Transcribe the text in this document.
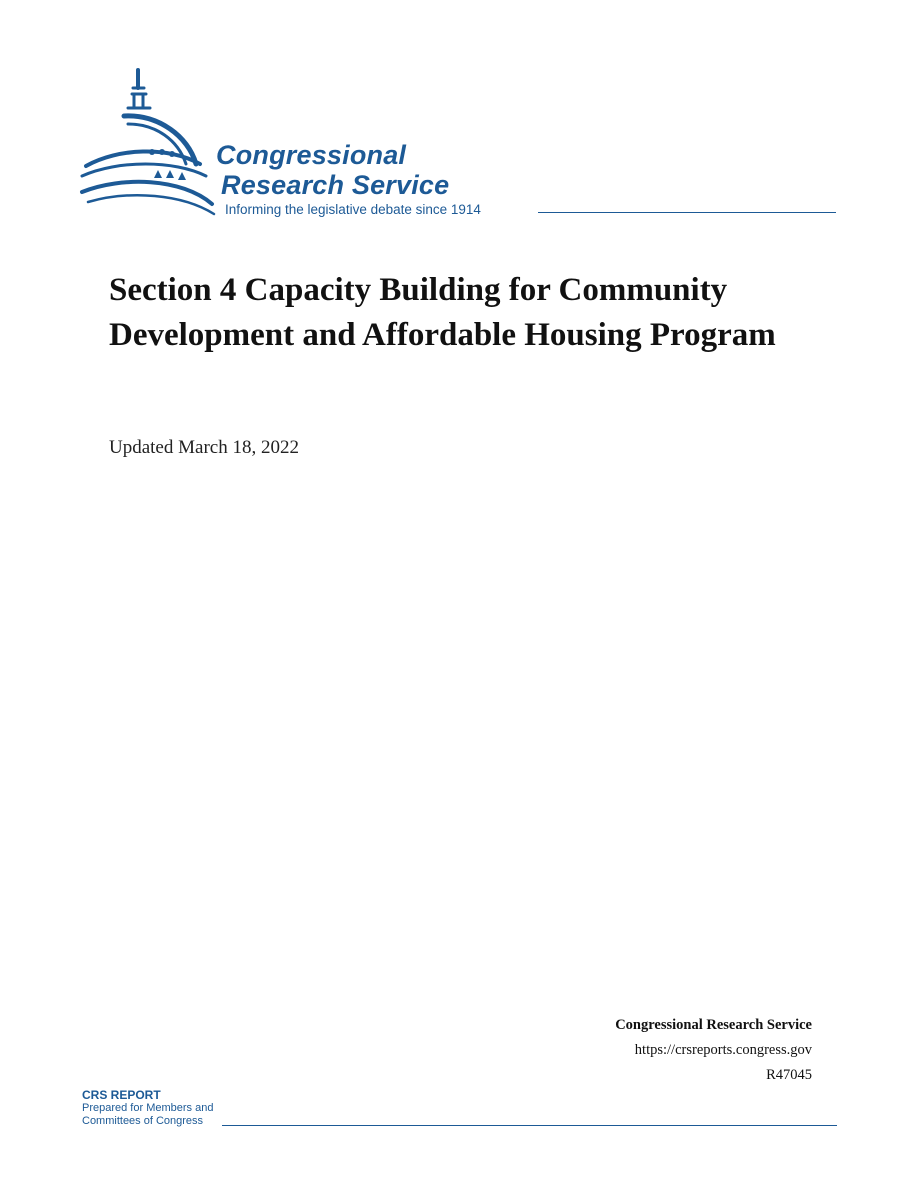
Congressional
Research Service
Informing the legislative debate since 1914
Section 4 Capacity Building for Community Development and Affordable Housing Program
Updated March 18, 2022
Congressional Research Service
https://crsreports.congress.gov
R47045
CRS REPORT
Prepared for Members and
Committees of Congress
